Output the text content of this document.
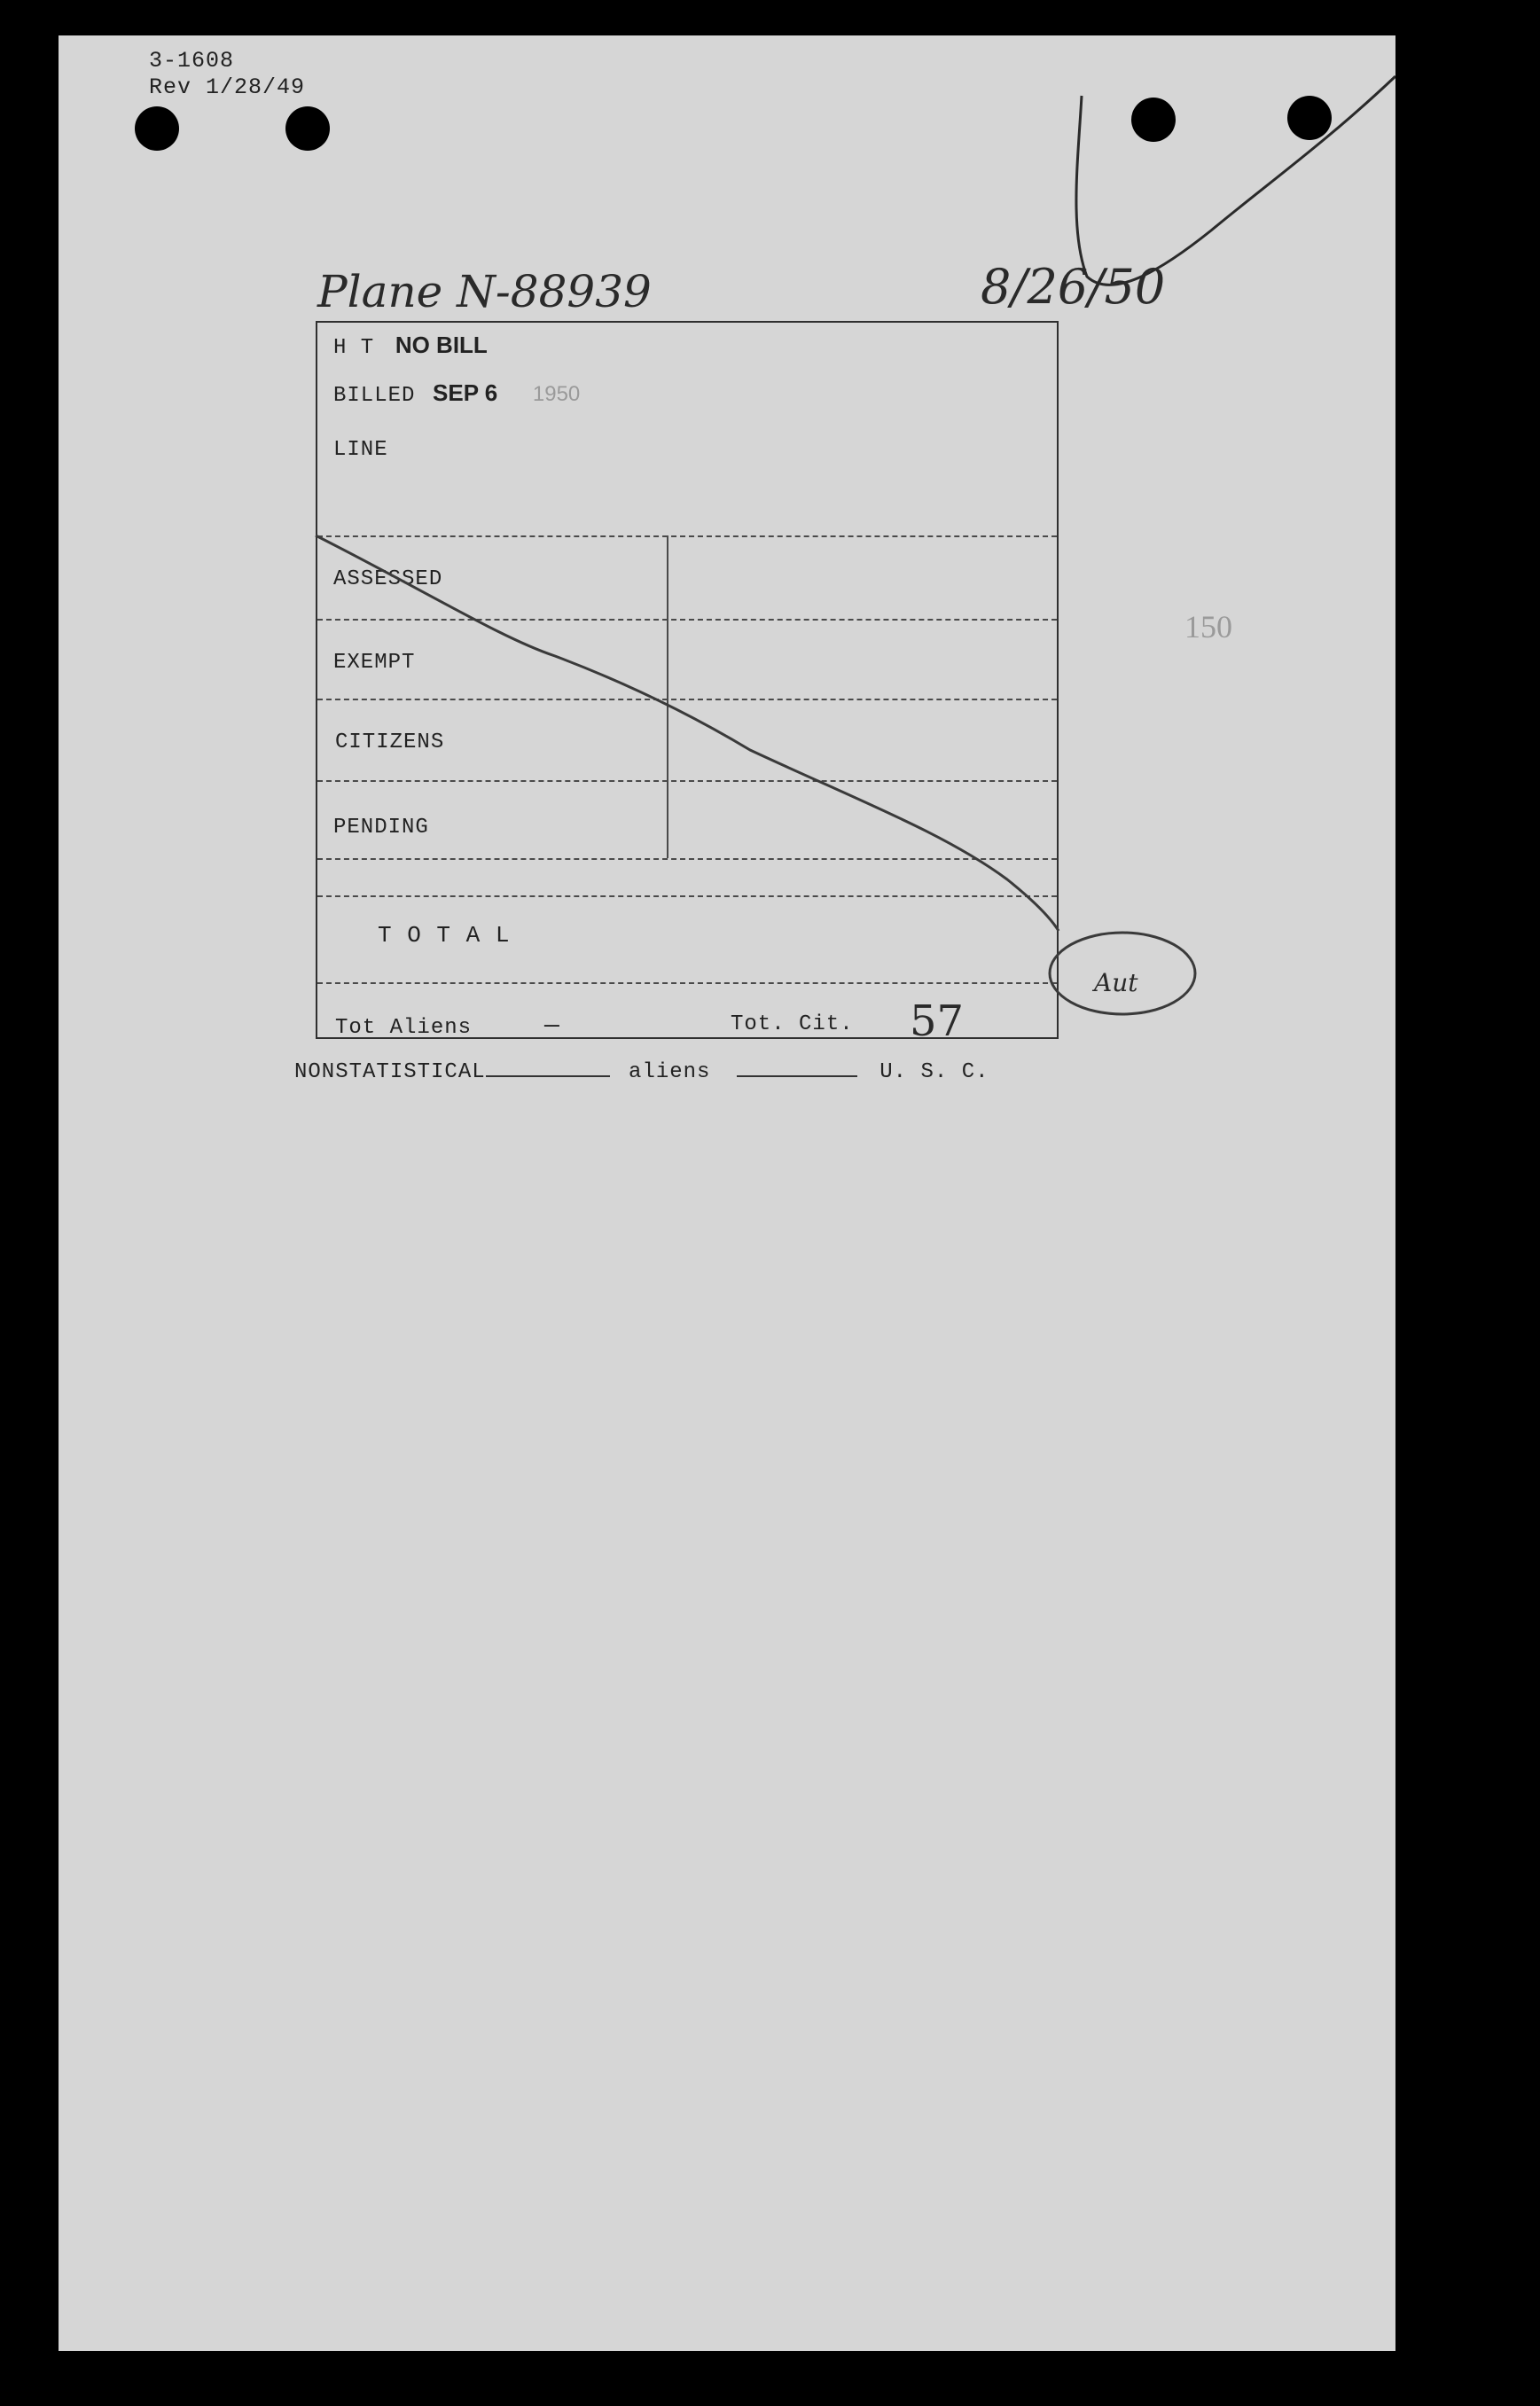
3-1608
Rev 1/28/49
Plane N-88939	8/26/50
150
H T NO BILL
BILLED SEP 6 1950
LINE
ASSESSED
EXEMPT
CITIZENS
PENDING
T O T A L
Tot Aliens	—	Tot. Cit. 57
Aut
NONSTATISTICAL	aliens	U. S. C.
